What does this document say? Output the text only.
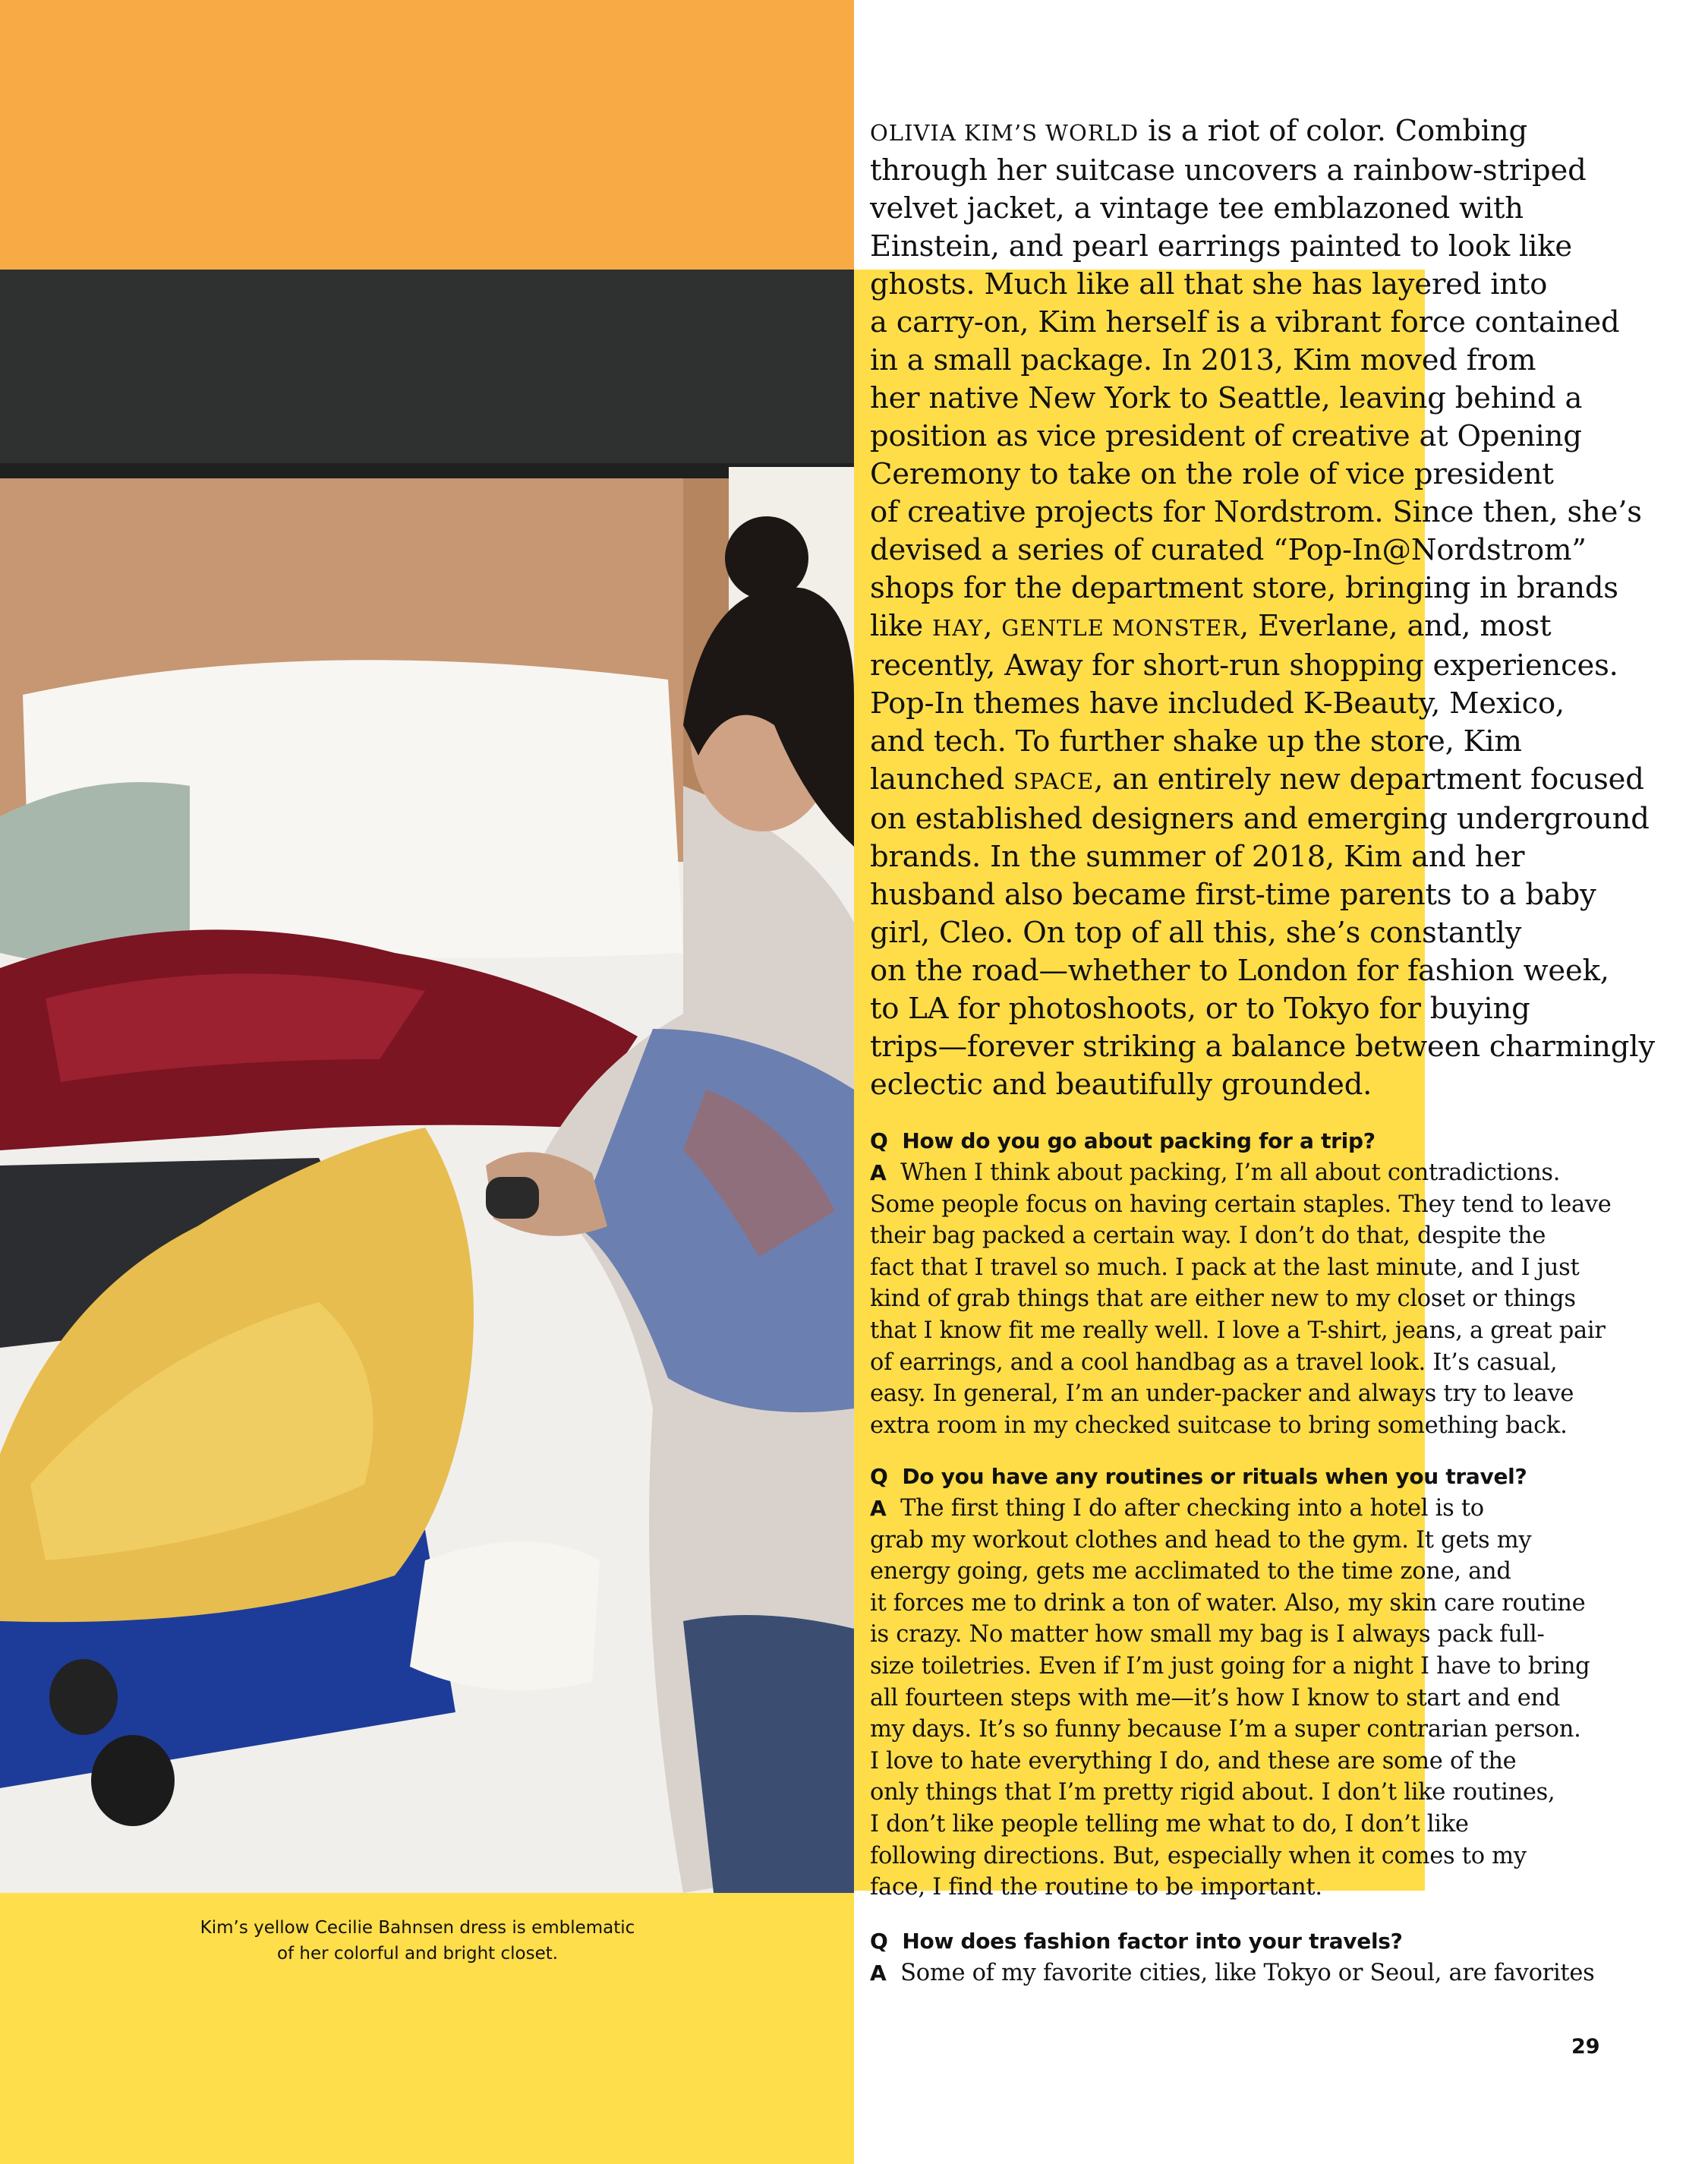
Kim’s yellow Cecilie Bahnsen dress is emblematic
of her colorful and bright closet.
OLIVIA KIM’S WORLD is a riot of color. Combing
through her suitcase uncovers a rainbow-striped
velvet jacket, a vintage tee emblazoned with
Einstein, and pearl earrings painted to look like
ghosts. Much like all that she has layered into
a carry-on, Kim herself is a vibrant force contained
in a small package. In 2013, Kim moved from
her native New York to Seattle, leaving behind a
position as vice president of creative at Opening
Ceremony to take on the role of vice president
of creative projects for Nordstrom. Since then, she’s
devised a series of curated “Pop-In@Nordstrom”
shops for the department store, bringing in brands
like HAY, GENTLE MONSTER, Everlane, and, most
recently, Away for short-run shopping experiences.
Pop-In themes have included K-Beauty, Mexico,
and tech. To further shake up the store, Kim
launched SPACE, an entirely new department focused
on established designers and emerging underground
brands. In the summer of 2018, Kim and her
husband also became first-time parents to a baby
girl, Cleo. On top of all this, she’s constantly
on the road—whether to London for fashion week,
to LA for photoshoots, or to Tokyo for buying
trips—forever striking a balance between charmingly
eclectic and beautifully grounded.
Q How do you go about packing for a trip?
A When I think about packing, I’m all about contradictions.
Some people focus on having certain staples. They tend to leave
their bag packed a certain way. I don’t do that, despite the
fact that I travel so much. I pack at the last minute, and I just
kind of grab things that are either new to my closet or things
that I know fit me really well. I love a T-shirt, jeans, a great pair
of earrings, and a cool handbag as a travel look. It’s casual,
easy. In general, I’m an under-packer and always try to leave
extra room in my checked suitcase to bring something back.
Q Do you have any routines or rituals when you travel?
A The first thing I do after checking into a hotel is to
grab my workout clothes and head to the gym. It gets my
energy going, gets me acclimated to the time zone, and
it forces me to drink a ton of water. Also, my skin care routine
is crazy. No matter how small my bag is I always pack full-
size toiletries. Even if I’m just going for a night I have to bring
all fourteen steps with me—it’s how I know to start and end
my days. It’s so funny because I’m a super contrarian person.
I love to hate everything I do, and these are some of the
only things that I’m pretty rigid about. I don’t like routines,
I don’t like people telling me what to do, I don’t like
following directions. But, especially when it comes to my
face, I find the routine to be important.
Q How does fashion factor into your travels?
A Some of my favorite cities, like Tokyo or Seoul, are favorites
29
